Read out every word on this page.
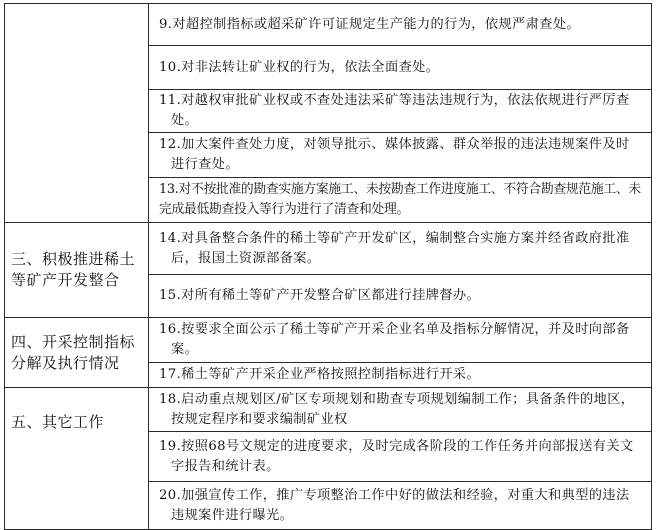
	9.对超控制指标或超采矿许可证规定生产能力的行为，依规严肃查处。

	10.对非法转让矿业权的行为，依法全面查处。

	11.对越权审批矿业权或不查处违法采矿等违法违规行为，依法依规进行严厉查处。

	12.加大案件查处力度，对领导批示、媒体披露、群众举报的违法违规案件及时进行查处。

	13.对不按批准的勘查实施方案施工、未按勘查工作进度施工、不符合勘查规范施工、未完成最低勘查投入等行为进行了清查和处理。

三、积极推进稀土等矿产开发整合	14.对具备整合条件的稀土等矿产开发矿区，编制整合实施方案并经省政府批准后，报国土资源部备案。

	15.对所有稀土等矿产开发整合矿区都进行挂牌督办。

四、开采控制指标分解及执行情况	16.按要求全面公示了稀土等矿产开采企业名单及指标分解情况，并及时向部备案。

	17.稀土等矿产开采企业严格按照控制指标进行开采。

五、其它工作	18.启动重点规划区/矿区专项规划和勘查专项规划编制工作；具备条件的地区，按规定程序和要求编制矿业权

	19.按照68号文规定的进度要求，及时完成各阶段的工作任务并向部报送有关文字报告和统计表。

	20.加强宣传工作，推广专项整治工作中好的做法和经验，对重大和典型的违法违规案件进行曝光。
